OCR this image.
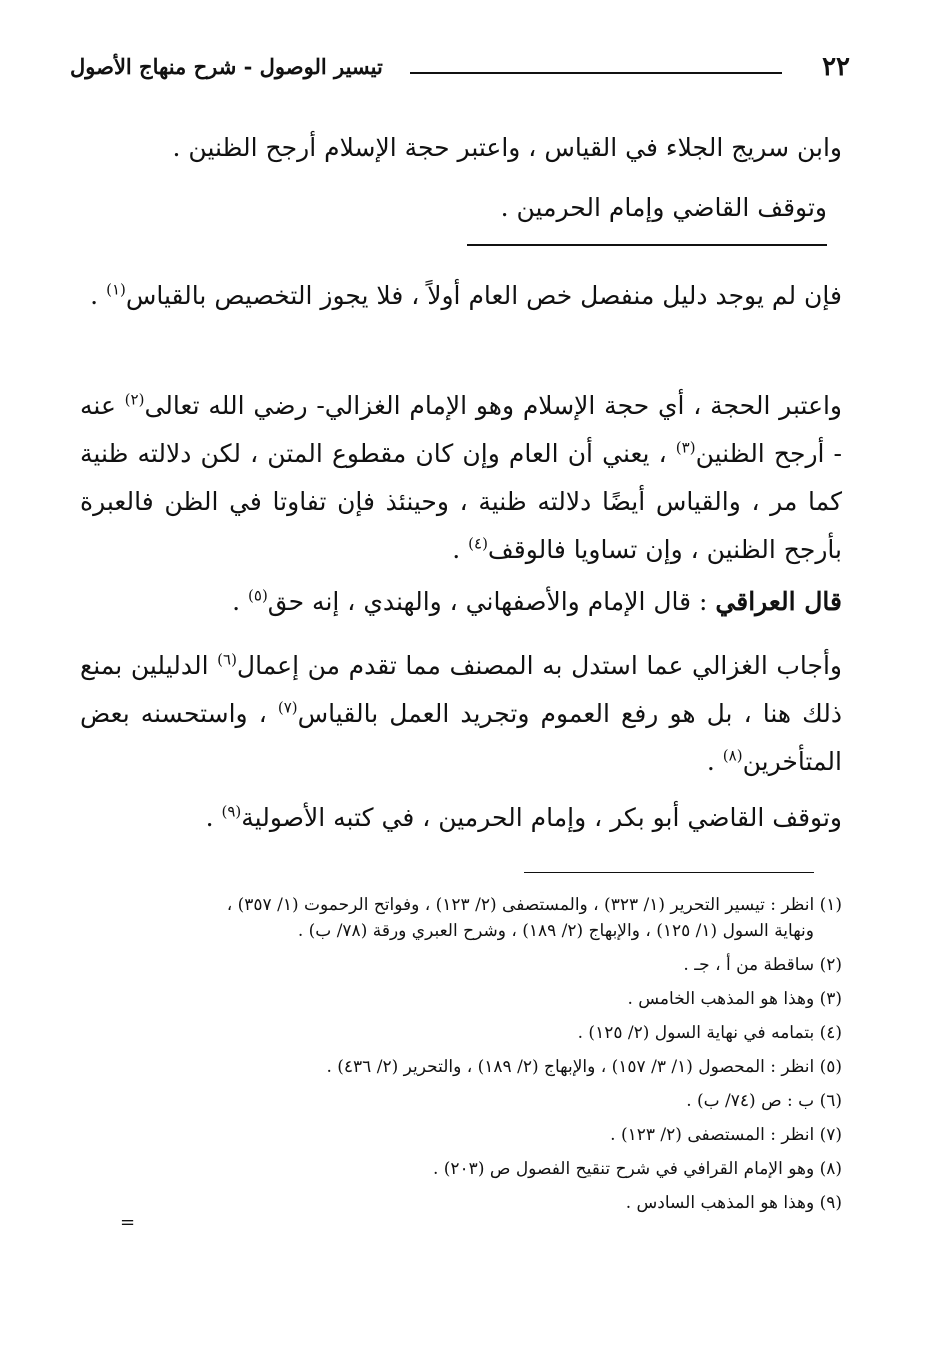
٢٢
تيسير الوصول - شرح منهاج الأصول
وابن سريج الجلاء في القياس ، واعتبر حجة الإسلام أرجح الظنين .
وتوقف القاضي وإمام الحرمين .
فإن لم يوجد دليل منفصل خص العام أولاً ، فلا يجوز التخصيص بالقياس$^{(١)}$ .
واعتبر الحجة ، أي حجة الإسلام وهو الإمام الغزالي- رضي الله تعالى$^{(٢)}$ عنه - أرجح الظنين$^{(٣)}$ ، يعني أن العام وإن كان مقطوع المتن ، لكن دلالته ظنية كما مر ، والقياس أيضًا دلالته ظنية ، وحينئذ فإن تفاوتا في الظن فالعبرة بأرجح الظنين ، وإن تساويا فالوقف$^{(٤)}$ .
قال العراقي : قال الإمام والأصفهاني ، والهندي ، إنه حق$^{(٥)}$ .
وأجاب الغزالي عما استدل به المصنف مما تقدم من إعمال$^{(٦)}$ الدليلين بمنع ذلك هنا ، بل هو رفع العموم وتجريد العمل بالقياس$^{(٧)}$ ، واستحسنه بعض المتأخرين$^{(٨)}$ .
وتوقف القاضي أبو بكر ، وإمام الحرمين ، في كتبه الأصولية$^{(٩)}$ .
(١) انظر : تيسير التحرير (١/ ٣٢٣) ، والمستصفى (٢/ ١٢٣) ، وفواتح الرحموت (١/ ٣٥٧) ،
ونهاية السول (١/ ١٢٥) ، والإبهاج (٢/ ١٨٩) ، وشرح العبري ورقة (٧٨/ ب) .
(٢) ساقطة من أ ، جـ .
(٣) وهذا هو المذهب الخامس .
(٤) بتمامه في نهاية السول (٢/ ١٢٥) .
(٥) انظر : المحصول (١/ ٣/ ١٥٧) ، والإبهاج (٢/ ١٨٩) ، والتحرير (٢/ ٤٣٦) .
(٦) ب : ص (٧٤/ ب) .
(٧) انظر : المستصفى (٢/ ١٢٣) .
(٨) وهو الإمام القرافي في شرح تنقيح الفصول ص (٢٠٣) .
(٩) وهذا هو المذهب السادس .
=
